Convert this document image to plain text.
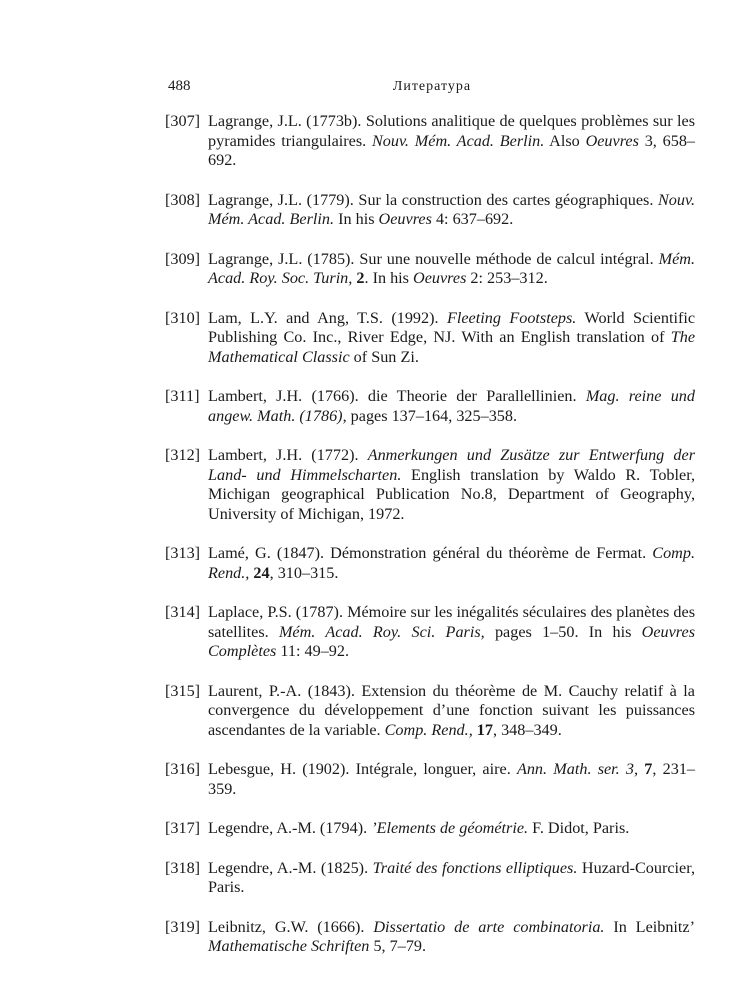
488	Литература
[307] Lagrange, J.L. (1773b). Solutions analitique de quelques problèmes sur les pyramides triangulaires. Nouv. Mém. Acad. Berlin. Also Oeuvres 3, 658–692.
[308] Lagrange, J.L. (1779). Sur la construction des cartes géographiques. Nouv. Mém. Acad. Berlin. In his Oeuvres 4: 637–692.
[309] Lagrange, J.L. (1785). Sur une nouvelle méthode de calcul intégral. Mém. Acad. Roy. Soc. Turin, 2. In his Oeuvres 2: 253–312.
[310] Lam, L.Y. and Ang, T.S. (1992). Fleeting Footsteps. World Scientific Publishing Co. Inc., River Edge, NJ. With an English translation of The Mathematical Classic of Sun Zi.
[311] Lambert, J.H. (1766). die Theorie der Parallellinien. Mag. reine und angew. Math. (1786), pages 137–164, 325–358.
[312] Lambert, J.H. (1772). Anmerkungen und Zusätze zur Entwerfung der Land- und Himmelscharten. English translation by Waldo R. Tobler, Michigan geographical Publication No.8, Department of Geography, University of Michigan, 1972.
[313] Lamé, G. (1847). Démonstration général du théorème de Fermat. Comp. Rend., 24, 310–315.
[314] Laplace, P.S. (1787). Mémoire sur les inégalités séculaires des planètes des satellites. Mém. Acad. Roy. Sci. Paris, pages 1–50. In his Oeuvres Complètes 11: 49–92.
[315] Laurent, P.-A. (1843). Extension du théorème de M. Cauchy relatif à la convergence du développement d’une fonction suivant les puissances ascendantes de la variable. Comp. Rend., 17, 348–349.
[316] Lebesgue, H. (1902). Intégrale, longuer, aire. Ann. Math. ser. 3, 7, 231–359.
[317] Legendre, A.-M. (1794). ’Elements de géométrie. F. Didot, Paris.
[318] Legendre, A.-M. (1825). Traité des fonctions elliptiques. Huzard-Courcier, Paris.
[319] Leibnitz, G.W. (1666). Dissertatio de arte combinatoria. In Leibnitz’ Mathematische Schriften 5, 7–79.
